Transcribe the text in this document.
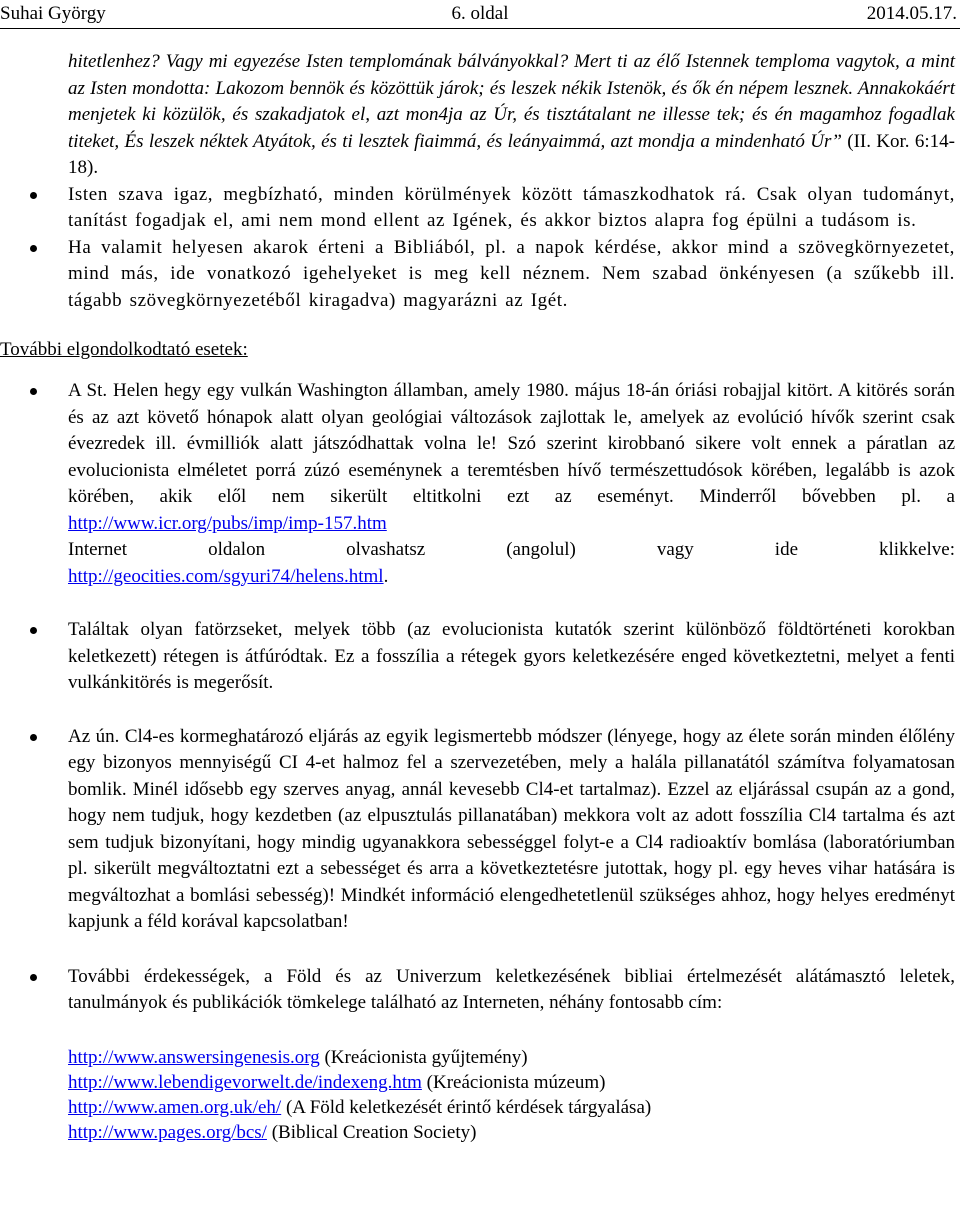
Suhai György	6. oldal	2014.05.17.
hitetlenhez? Vagy mi egyezése Isten templomának bálványokkal? Mert ti az élő Istennek temploma vagytok, a mint az Isten mondotta: Lakozom bennök és közöttük járok; és leszek nékik Istenök, és ők én népem lesznek. Annakokáért menjetek ki közülök, és szakadjatok el, azt mon4ja az Úr, és tisztátalant ne illesse tek; és én magamhoz fogadlak titeket, És leszek néktek Atyátok, és ti lesztek fiaimmá, és leányaimmá, azt mondja a mindenható Úr” (II. Kor. 6:14-18).
Isten szava igaz, megbízható, minden körülmények között támaszkodhatok rá. Csak olyan tudományt, tanítást fogadjak el, ami nem mond ellent az Igének, és akkor biztos alapra fog épülni a tudásom is.
Ha valamit helyesen akarok érteni a Bibliából, pl. a napok kérdése, akkor mind a szövegkörnyezetet, mind más, ide vonatkozó igehelyeket is meg kell néznem. Nem szabad önkényesen (a szűkebb ill. tágabb szövegkörnyezetéből kiragadva) magyarázni az Igét.
További elgondolkodtató esetek:
A St. Helen hegy egy vulkán Washington államban, amely 1980. május 18-án óriási robajjal kitört. A kitörés során és az azt követő hónapok alatt olyan geológiai változások zajlottak le, amelyek az evolúció hívők szerint csak évezredek ill. évmilliók alatt játszódhattak volna le! Szó szerint kirobbanó sikere volt ennek a páratlan az evolucionista elméletet porrá zúzó eseménynek a teremtésben hívő természettudósok körében, legalább is azok körében, akik elől nem sikerült eltitkolni ezt az eseményt. Minderről bővebben pl. a http://www.icr.org/pubs/imp/imp-157.htm
Internet oldalon olvashatsz (angolul) vagy ide klikkelve:
http://geocities.com/sgyuri74/helens.html.
Találtak olyan fatörzseket, melyek több (az evolucionista kutatók szerint különböző földtörténeti korokban keletkezett) rétegen is átfúródtak. Ez a fosszília a rétegek gyors keletkezésére enged következtetni, melyet a fenti vulkánkitörés is megerősít.
Az ún. Cl4-es kormeghatározó eljárás az egyik legismertebb módszer (lényege, hogy az élete során minden élőlény egy bizonyos mennyiségű CI 4-et halmoz fel a szervezetében, mely a halála pillanatától számítva folyamatosan bomlik. Minél idősebb egy szerves anyag, annál kevesebb Cl4-et tartalmaz). Ezzel az eljárással csupán az a gond, hogy nem tudjuk, hogy kezdetben (az elpusztulás pillanatában) mekkora volt az adott fosszília Cl4 tartalma és azt sem tudjuk bizonyítani, hogy mindig ugyanakkora sebességgel folyt-e a Cl4 radioaktív bomlása (laboratóriumban pl. sikerült megváltoztatni ezt a sebességet és arra a következtetésre jutottak, hogy pl. egy heves vihar hatására is megváltozhat a bomlási sebesség)! Mindkét információ elengedhetetlenül szükséges ahhoz, hogy helyes eredményt kapjunk a féld korával kapcsolatban!
További érdekességek, a Föld és az Univerzum keletkezésének bibliai értelmezését alátámasztó leletek, tanulmányok és publikációk tömkelege található az Interneten, néhány fontosabb cím:
http://www.answersingenesis.org (Kreácionista gyűjtemény)
http://www.lebendigevorwelt.de/indexeng.htm (Kreácionista múzeum)
http://www.amen.org.uk/eh/ (A Föld keletkezését érintő kérdések tárgyalása)
http://www.pages.org/bcs/ (Biblical Creation Society)
